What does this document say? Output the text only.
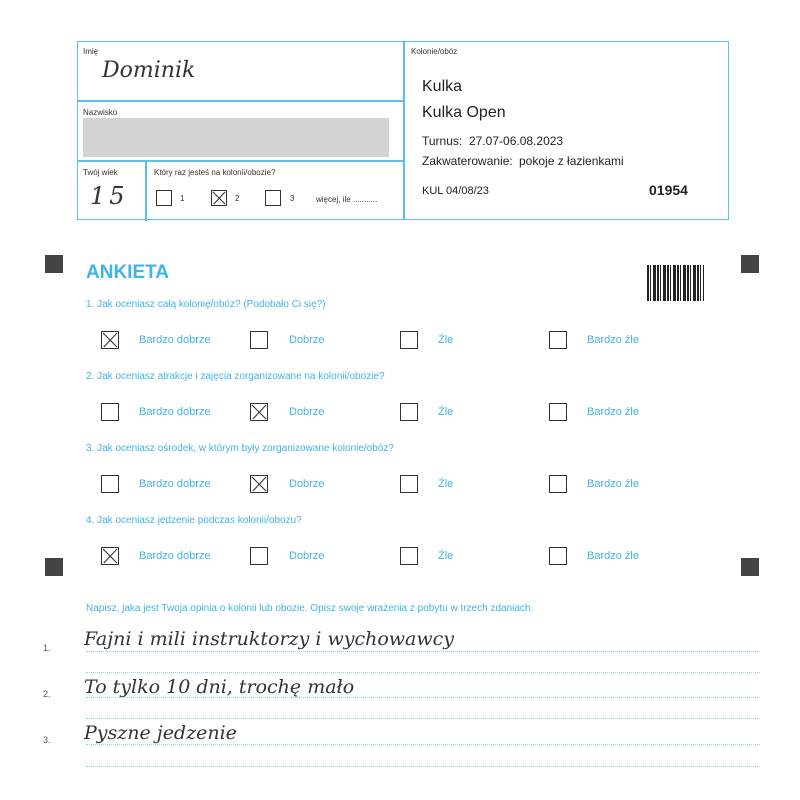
Imię
Dominik
Nazwisko
Twój wiek
15
Który raz jesteś na kolonii/obozie?
1	2	3	więcej, ile ...........
Kolonie/obóz
Kulka
Kulka Open
Turnus: 27.07-06.08.2023
Zakwaterowanie: pokoje z łazienkami
KUL 04/08/23	01954
ANKIETA
1. Jak oceniasz całą kolonię/obóz? (Podobało Ci się?)
2. Jak oceniasz atrakcje i zajęcia zorganizowane na kolonii/obozie?
3. Jak oceniasz ośrodek, w którym były zorganizowane kolonie/obóz?
4. Jak oceniasz jedzenie podczas kolonii/obozu?
Bardzo dobrze	Dobrze	Źle	Bardzo źle
Bardzo dobrze	Dobrze	Źle	Bardzo źle
Bardzo dobrze	Dobrze	Źle	Bardzo źle
Bardzo dobrze	Dobrze	Źle	Bardzo źle
Napisz, jaka jest Twoja opinia o kolonii lub obozie. Opisz swoje wrażenia z pobytu w trzech zdaniach.
1. Fajni i mili instruktorzy i wychowawcy
2. To tylko 10 dni, trochę mało
3. Pyszne jedzenie
